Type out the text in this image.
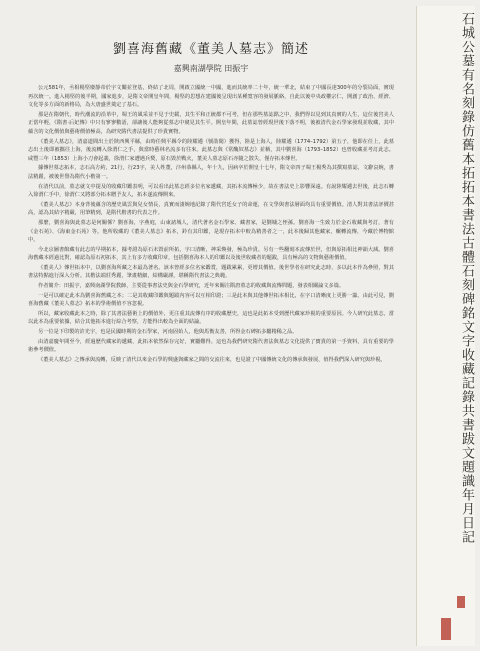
劉喜海舊藏《董美人墓志》簡述
嘉興南湖學院 田振宇

公元581年，丞相楊堅廢靜帝於宇文闡並登基，終結了北周，開啟立國統一中國，進而其統率二十年，統一華北，結束了中國長達300年的分裂局面，實現再次統一。進入楊堅的後半期，國家進步，是隋文帝開皇年間，楊堅的思想在建國後呈現出某種寬容的發展脈絡，自此以後中央政權宗仁，開創了政治、經濟、文化等多方面的新格局，為大唐盛世奠定了基石。

那是在隋朝代，時代潮流的沿革中，蜀王的風采並不見于史載，其生平和正統都不可考，但在那些墓誌銘之中，我們得以見到其真實的人生，這位後宮美人正當年輕，《隋書·后妃傳》中只有寥寥數語，卻讓後人能夠從墓志中窺見其生平。開皇年間，此墓誌曾經現世後下落不明，後被清代金石學家發現並收藏，其中蘊含的文化價值與藝術價值極高，為研究隋代書法提供了珍貴實物。

《董美人墓志》，清嘉道間出土於陝西興平縣，由時任興平縣令的陸耀遹（號劭聞）獲得，陸是上海人，陸耀遹（1774–1792）第五子，他即在任上，此墓志出土後即被攜往上海，後流轉入徐渭仁之手，與當時藝林名流多有往來。此墓志與《常醜奴墓志》並稱，其中劉喜海（1793–1852）也曾收藏並考訂此志。咸豐三年（1853）上海小刀會起義，徐渭仁家遭遇兵燹，原石毀於戰火，董美人墓志原石亦隨之散失，僅存拓本傳世。

據傳世墓志拓本，志石高方約，21行，行23字，美人姓董，汴州恭縣人，年十九，因病卒於開皇十七年，隋文帝四子蜀王楊秀為其撰寫墓誌，文辭哀婉，書法精麗，被後世譽為隋代小楷第一。

在清代以前，墓志就文中提及的收藏印鑑表明，可以看出此墓志經多位名家遞藏，其拓本流傳極少，故在書法史上影響深遠。有說陸耀遹去世後，此志石轉入徐渭仁手中，徐渭仁又將部分拓本贈予友人，拓本遂流傳開來。

《董美人墓志》本身背後蘊含的歷史風雲與兒女情長，真實而淒婉地記錄了隋代宮廷女子的命運，在文學與書法層面均具有重要價值。清人對其書法評價甚高，認為其結字精嚴，用筆精到，是隋代楷書的代表之作。

那麼，劉喜海與此墓志是何關係？劉喜海，字燕庭，山東諸城人，清代著名金石學家、藏書家，是劉墉之侄孫。劉喜海一生致力於金石收藏與考訂，著有《金石苑》、《海東金石苑》等。他所收藏的《董美人墓志》拓本，鈐有其印鑑，是現存拓本中較為精善者之一，此本後歸其他藏家，輾轉流傳，今藏於博物館中。

今北京圖書館藏有此志的早期拓本，據考證為原石未毀前所拓，字口清晰，神采煥發，極為珍貴。另有一些翻刻本流傳於世，但與原拓相比神韻大減。劉喜海舊藏本經過比對，確認為原石初拓本，其上有多方收藏印章，包括劉喜海本人的印鑑以及後世收藏者的題跋，具有極高的文物與藝術價值。

《董美人》傳世拓本中，以劉喜海所藏之本最為著名。該本曾經多位名家鑑賞，題跋累累，更增其價值。後世學者在研究此志時，多以此本作為參照，對其書法特點進行深入分析。其楷法端莊秀麗，筆畫精細，結構嚴謹，堪稱隋代書法之典範。

作者簡介：田振宇，嘉興南湖學院教師，主要從事書法史與金石學研究，近年來關注隋唐墓志的收藏與流傳問題，發表相關論文多篇。

一是可以確定此本為劉喜海舊藏之本；二是其收藏印鑑與題跋內容可以互相印證；三是此本與其他傳世拓本相比，在字口清晰度上更勝一籌。由此可見，劉喜海舊藏《董美人墓志》拓本的學術價值不容忽視。

所以，藏家收藏此本之時，除了其書法藝術上的價值外，更注重其流傳有序的收藏歷史，這也是此拓本受到歷代藏家珍視的重要原因。今人研究此墓志，當以此本為重要依據，結合其他拓本進行綜合考察，方能得出較為全面的結論。

另一位是下印製的許光宇，也是民國時期的金石學家，河南固始人，他與馬衡友善，所得金石碑拓多屬精稀之品。

由清嘉慶年間至今，經過歷代藏家的遞藏，此拓本依然保存完好，實屬難得。這也為我們研究隋代書法與墓志文化提供了寶貴的第一手資料，具有重要的學術參考價值。

《董美人墓志》之傳承與流轉，反映了清代以來金石學的興盛與藏家之間的交流往來，也見證了中國傳統文化的傳承與發展，值得我們深入研究與珍視。	石城公墓有名刻錄仿舊本拓拓本書法古體石刻碑銘文字收藏記錄共書跋文題識年月日記
